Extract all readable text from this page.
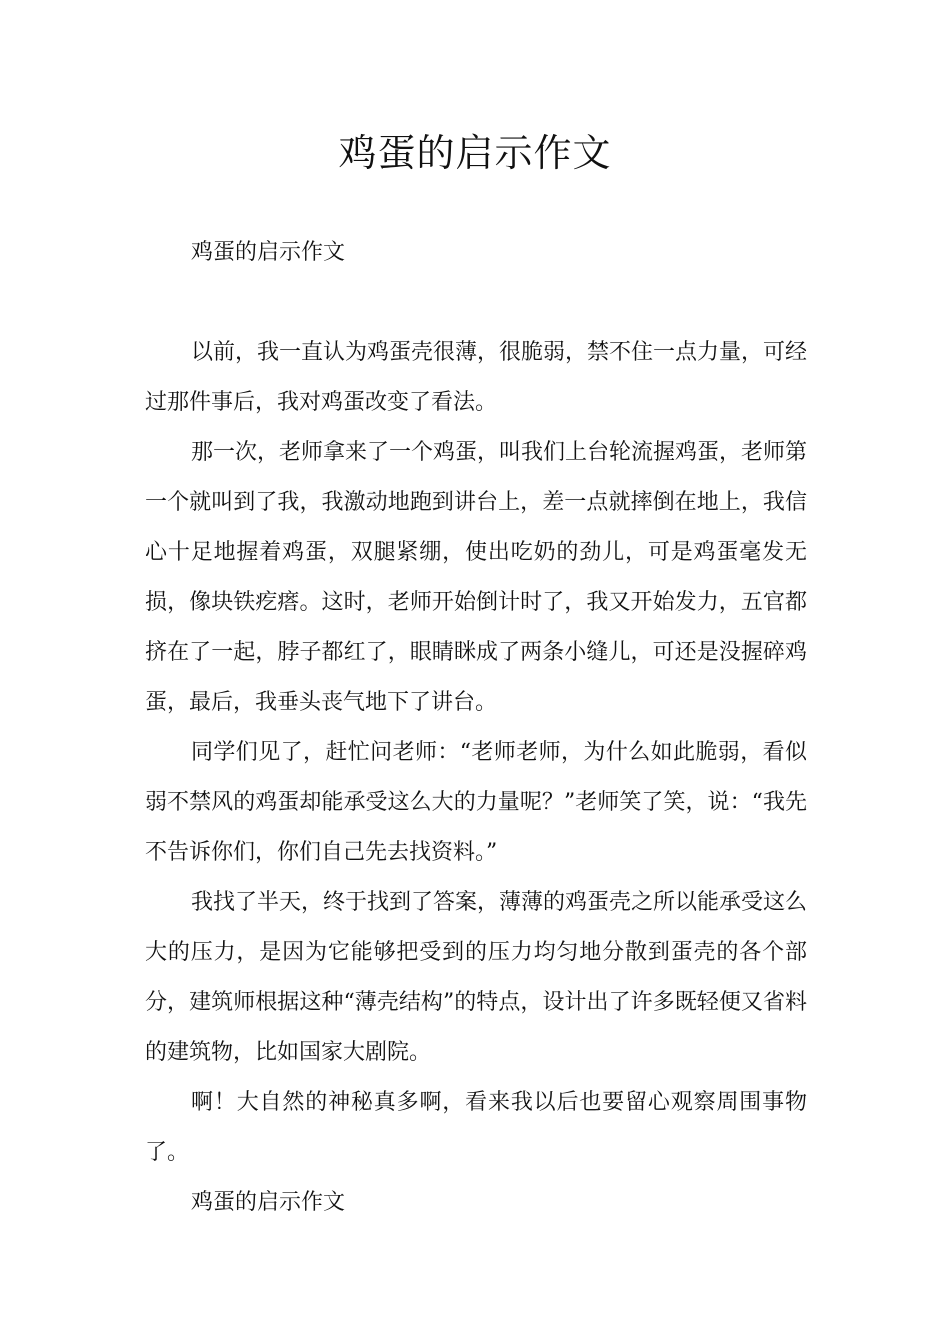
鸡蛋的启示作文

鸡蛋的启示作文

以前，我一直认为鸡蛋壳很薄，很脆弱，禁不住一点力量，可经过那件事后，我对鸡蛋改变了看法。

那一次，老师拿来了一个鸡蛋，叫我们上台轮流握鸡蛋，老师第一个就叫到了我，我激动地跑到讲台上，差一点就摔倒在地上，我信心十足地握着鸡蛋，双腿紧绷，使出吃奶的劲儿，可是鸡蛋毫发无损，像块铁疙瘩。这时，老师开始倒计时了，我又开始发力，五官都挤在了一起，脖子都红了，眼睛眯成了两条小缝儿，可还是没握碎鸡蛋，最后，我垂头丧气地下了讲台。

同学们见了，赶忙问老师：“老师老师，为什么如此脆弱，看似弱不禁风的鸡蛋却能承受这么大的力量呢？”老师笑了笑，说：“我先不告诉你们，你们自己先去找资料。”

我找了半天，终于找到了答案，薄薄的鸡蛋壳之所以能承受这么大的压力，是因为它能够把受到的压力均匀地分散到蛋壳的各个部分，建筑师根据这种“薄壳结构”的特点，设计出了许多既轻便又省料的建筑物，比如国家大剧院。

啊！大自然的神秘真多啊，看来我以后也要留心观察周围事物了。

鸡蛋的启示作文
